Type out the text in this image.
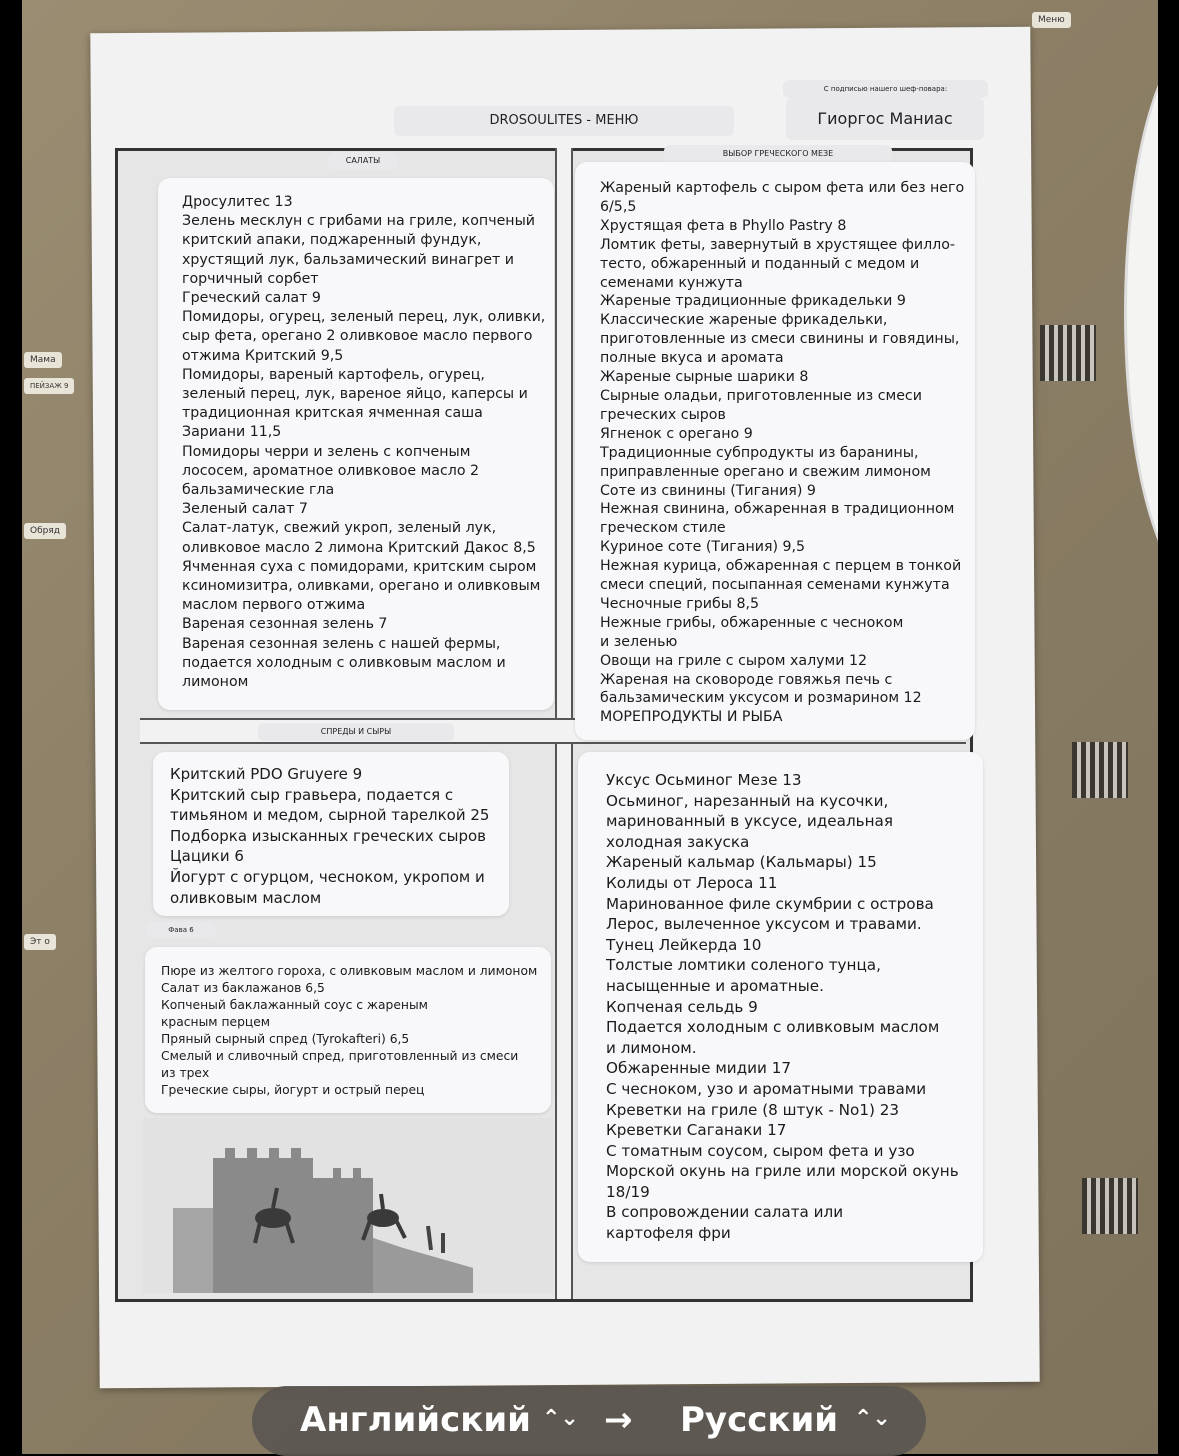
Мама
ПЕЙЗАЖ 9
Обряд
Эт о
Меню
DROSOULITES - МЕНЮ
С подписью нашего шеф-повара:
Гиоргос Маниас
САЛАТЫ
ВЫБОР ГРЕЧЕСКОГО МЕЗЕ
СПРЕДЫ И СЫРЫ
Фава 6
Дросулитес 13
Зелень месклун с грибами на гриле, копченый
критский апаки, поджаренный фундук,
хрустящий лук, бальзамический винагрет и
горчичный сорбет
Греческий салат 9
Помидоры, огурец, зеленый перец, лук, оливки,
сыр фета, орегано 2 оливковое масло первого
отжима Критский 9,5
Помидоры, вареный картофель, огурец,
зеленый перец, лук, вареное яйцо, каперсы и
традиционная критская ячменная саша
Зариани 11,5
Помидоры черри и зелень с копченым
лососем, ароматное оливковое масло 2
бальзамические гла
Зеленый салат 7
Салат-латук, свежий укроп, зеленый лук,
оливковое масло 2 лимона Критский Дакос 8,5
Ячменная суха с помидорами, критским сыром
ксиномизитра, оливками, орегано и оливковым
маслом первого отжима
Вареная сезонная зелень 7
Вареная сезонная зелень с нашей фермы,
подается холодным с оливковым маслом и
лимоном
Жареный картофель с сыром фета или без него
6/5,5
Хрустящая фета в Phyllo Pastry 8
Ломтик феты, завернутый в хрустящее филло-
тесто, обжаренный и поданный с медом и
семенами кунжута
Жареные традиционные фрикадельки 9
Классические жареные фрикадельки,
приготовленные из смеси свинины и говядины,
полные вкуса и аромата
Жареные сырные шарики 8
Сырные оладьи, приготовленные из смеси
греческих сыров
Ягненок с орегано 9
Традиционные субпродукты из баранины,
приправленные орегано и свежим лимоном
Соте из свинины (Тигания) 9
Нежная свинина, обжаренная в традиционном
греческом стиле
Куриное соте (Тигания) 9,5
Нежная курица, обжаренная с перцем в тонкой
смеси специй, посыпанная семенами кунжута
Чесночные грибы 8,5
Нежные грибы, обжаренные с чесноком
и зеленью
Овощи на гриле с сыром халуми 12
Жареная на сковороде говяжья печь с
бальзамическим уксусом и розмарином 12
МОРЕПРОДУКТЫ И РЫБА
Критский PDO Gruyere 9
Критский сыр гравьера, подается с
тимьяном и медом, сырной тарелкой 25
Подборка изысканных греческих сыров
Цацики 6
Йогурт с огурцом, чесноком, укропом и
оливковым маслом
Пюре из желтого гороха, с оливковым маслом и лимоном
Салат из баклажанов 6,5
Копченый баклажанный соус с жареным
красным перцем
Пряный сырный спред (Tyrokafteri) 6,5
Смелый и сливочный спред, приготовленный из смеси
из трех
Греческие сыры, йогурт и острый перец
Уксус Осьминог Мезе 13
Осьминог, нарезанный на кусочки,
маринованный в уксусе, идеальная
холодная закуска
Жареный кальмар (Кальмары) 15
Колиды от Лероса 11
Маринованное филе скумбрии с острова
Лерос, вылеченное уксусом и травами.
Тунец Лейкерда 10
Толстые ломтики соленого тунца,
насыщенные и ароматные.
Копченая сельдь 9
Подается холодным с оливковым маслом
и лимоном.
Обжаренные мидии 17
С чесноком, узо и ароматными травами
Креветки на гриле (8 штук - No1) 23
Креветки Саганаки 17
С томатным соусом, сыром фета и узо
Морской окунь на гриле или морской окунь
18/19
В сопровождении салата или
картофеля фри
Английский ⌃⌄ → Русский ⌃⌄
